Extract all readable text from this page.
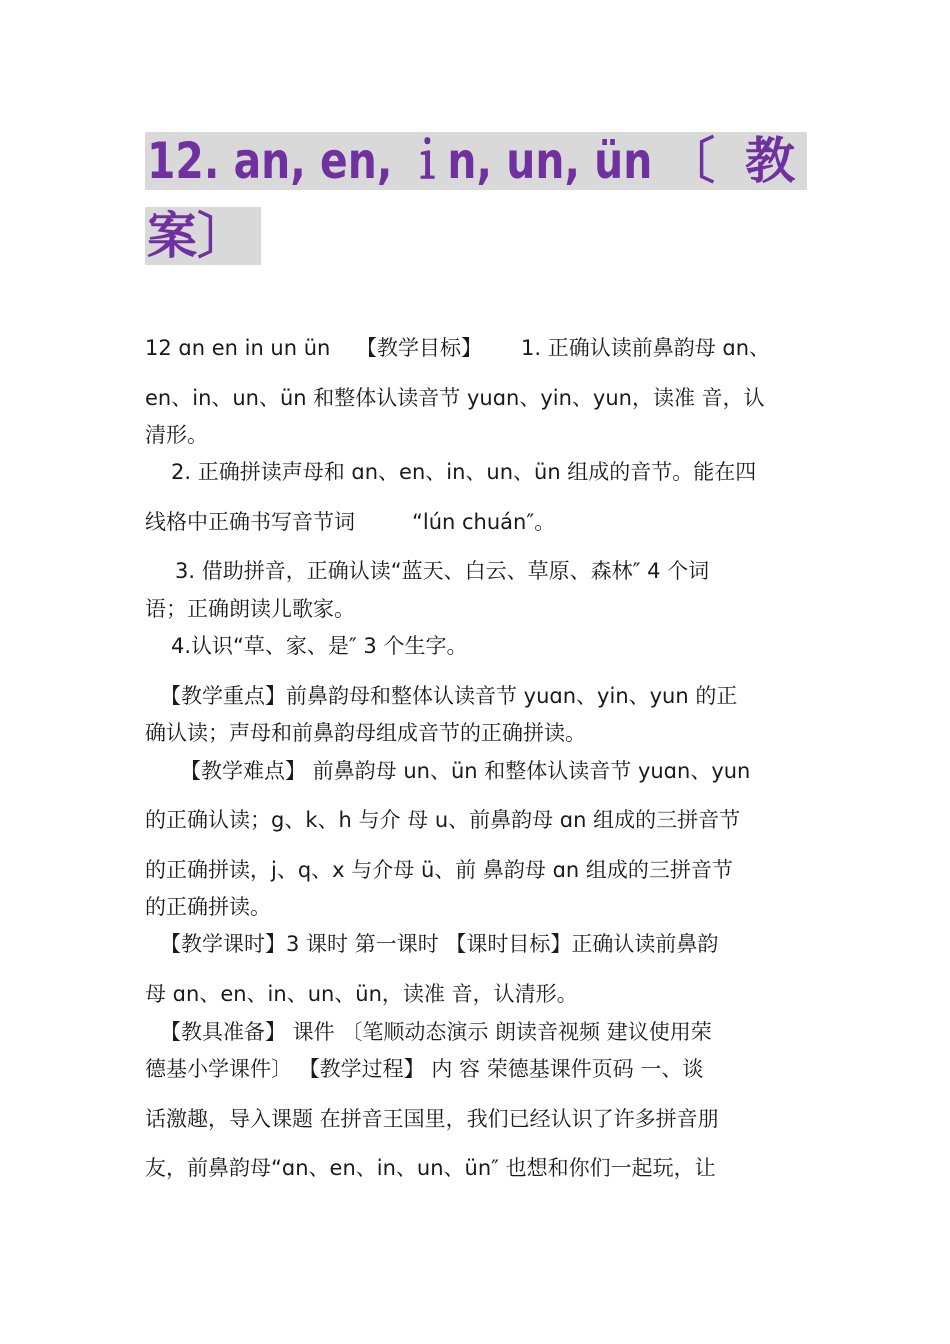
12. an, en, ｉn, un, ün 〔 教
案〕
12 ɑn en in un ün 【教学目标】 1. 正确认读前鼻韵母 ɑn、
en、in、un、ün 和整体认读音节 yuɑn、yin、yun，读准 音，认
清形。
2. 正确拼读声母和 ɑn、en、in、un、ün 组成的音节。能在四
线格中正确书写音节词	“lún chuán″。
3. 借助拼音，正确认读“蓝天、白云、草原、森林″ 4 个词
语；正确朗读儿歌家。
4.认识“草、家、是″ 3 个生字。
【教学重点】前鼻韵母和整体认读音节 yuɑn、yin、yun 的正
确认读；声母和前鼻韵母组成音节的正确拼读。
【教学难点】 前鼻韵母 un、ün 和整体认读音节 yuɑn、yun
的正确认读；g、k、h 与介 母 u、前鼻韵母 ɑn 组成的三拼音节
的正确拼读，j、q、x 与介母 ü、前 鼻韵母 ɑn 组成的三拼音节
的正确拼读。
【教学课时】3 课时 第一课时 【课时目标】正确认读前鼻韵
母 ɑn、en、in、un、ün，读准 音，认清形。
【教具准备】 课件 〔笔顺动态演示 朗读音视频 建议使用荣
德基小学课件〕 【教学过程】 内 容 荣德基课件页码 一、谈
话激趣，导入课题 在拼音王国里，我们已经认识了许多拼音朋
友，前鼻韵母“ɑn、en、in、un、ün″ 也想和你们一起玩，让
